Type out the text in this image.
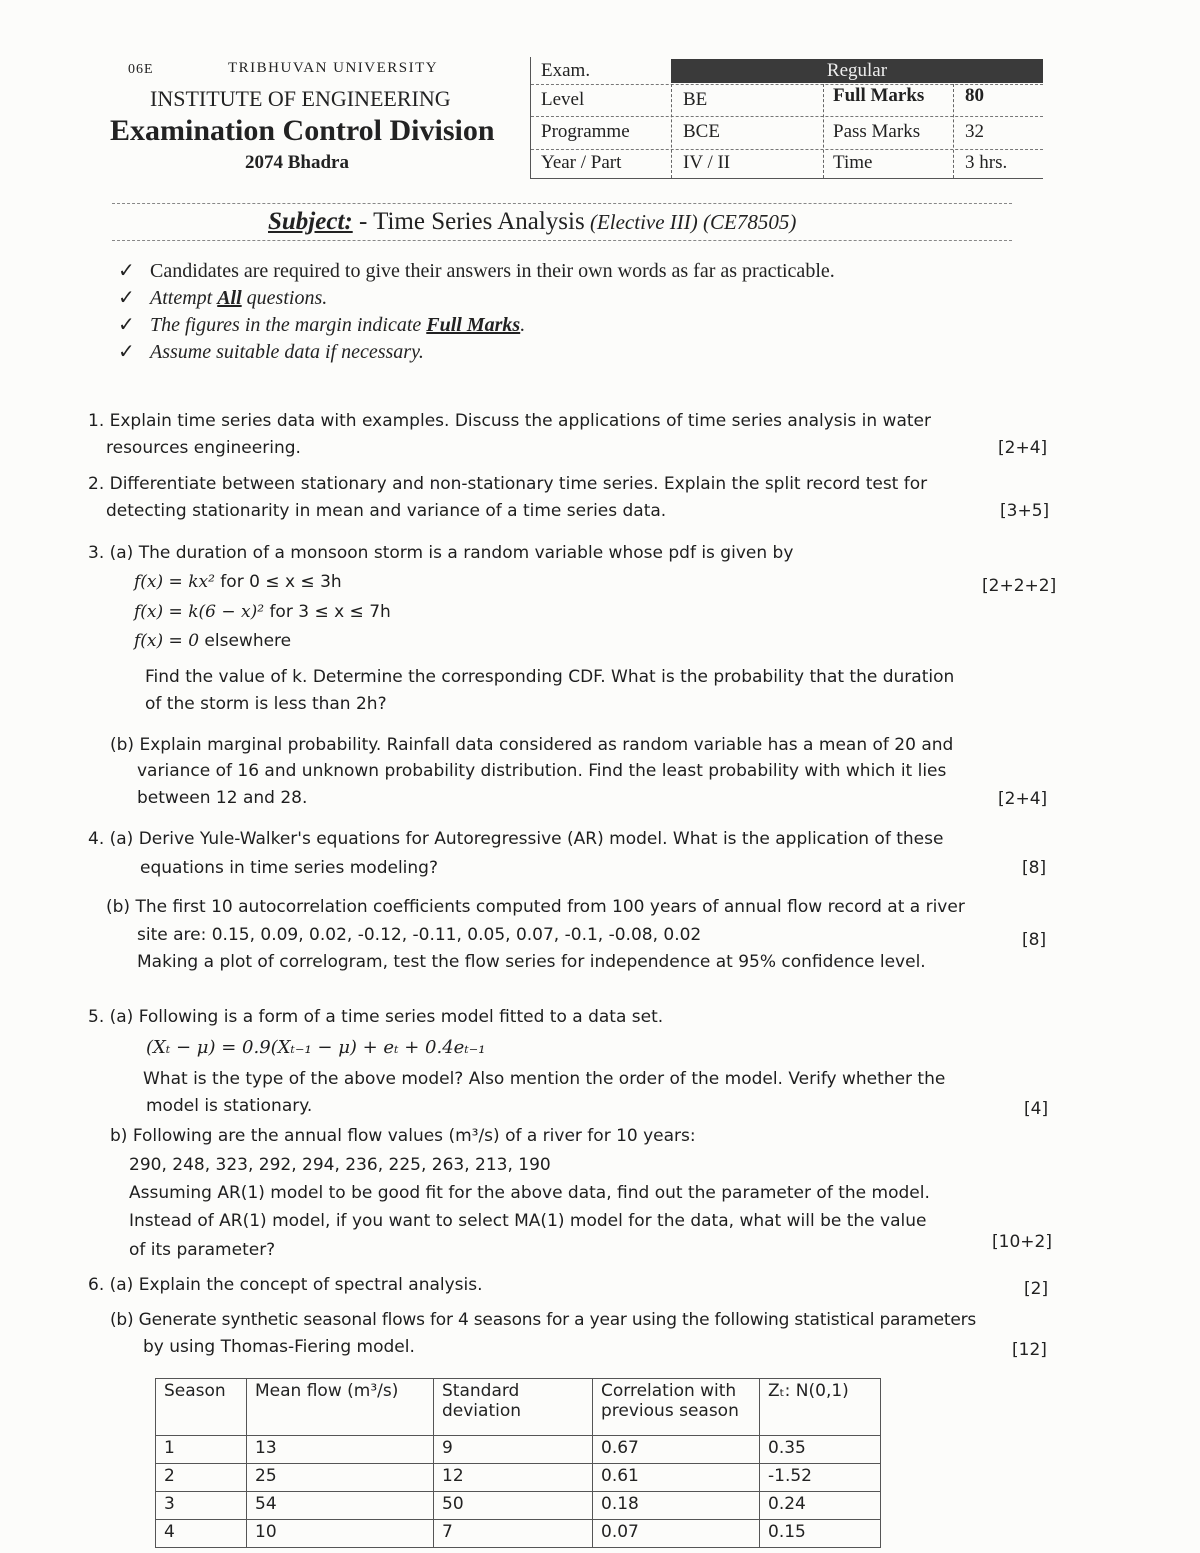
06E	TRIBHUVAN UNIVERSITY
INSTITUTE OF ENGINEERING
Examination Control Division
2074 Bhadra
Regular
Exam.
Level	BE	Full Marks 80
Programme	BCE	Pass Marks 32
Year / Part	IV / II	Time	3 hrs.
Subject: - Time Series Analysis (Elective III) (CE78505)
✓ Candidates are required to give their answers in their own words as far as practicable.
✓ Attempt All questions.
✓ The figures in the margin indicate Full Marks.
✓ Assume suitable data if necessary.
1. Explain time series data with examples. Discuss the applications of time series analysis in water
resources engineering.	[2+4]
2. Differentiate between stationary and non-stationary time series. Explain the split record test for
detecting stationarity in mean and variance of a time series data.	[3+5]
3. (a) The duration of a monsoon storm is a random variable whose pdf is given by
f(x) = kx² for 0 ≤ x ≤ 3h
f(x) = k(6 − x)² for 3 ≤ x ≤ 7h
f(x) = 0 elsewhere
[2+2+2]
Find the value of k. Determine the corresponding CDF. What is the probability that the duration
of the storm is less than 2h?
(b) Explain marginal probability. Rainfall data considered as random variable has a mean of 20 and
variance of 16 and unknown probability distribution. Find the least probability with which it lies
between 12 and 28.	[2+4]
4. (a) Derive Yule-Walker's equations for Autoregressive (AR) model. What is the application of these
equations in time series modeling?	[8]
(b) The first 10 autocorrelation coefficients computed from 100 years of annual flow record at a river
site are: 0.15, 0.09, 0.02, -0.12, -0.11, 0.05, 0.07, -0.1, -0.08, 0.02	[8]
Making a plot of correlogram, test the flow series for independence at 95% confidence level.
5. (a) Following is a form of a time series model fitted to a data set.
(Xₜ − μ) = 0.9(Xₜ₋₁ − μ) + eₜ + 0.4eₜ₋₁
What is the type of the above model? Also mention the order of the model. Verify whether the
model is stationary.	[4]
b) Following are the annual flow values (m³/s) of a river for 10 years:
290, 248, 323, 292, 294, 236, 225, 263, 213, 190
Assuming AR(1) model to be good fit for the above data, find out the parameter of the model.
Instead of AR(1) model, if you want to select MA(1) model for the data, what will be the value
of its parameter?	[10+2]
6. (a) Explain the concept of spectral analysis.	[2]
(b) Generate synthetic seasonal flows for 4 seasons for a year using the following statistical parameters
by using Thomas-Fiering model.	[12]
Season	Mean flow (m³/s)	Standard deviation	Correlation with previous season	Zₜ: N(0,1)
1	13	9	0.67	0.35
2	25	12	0.61	-1.52
3	54	50	0.18	0.24
4	10	7	0.07	0.15
